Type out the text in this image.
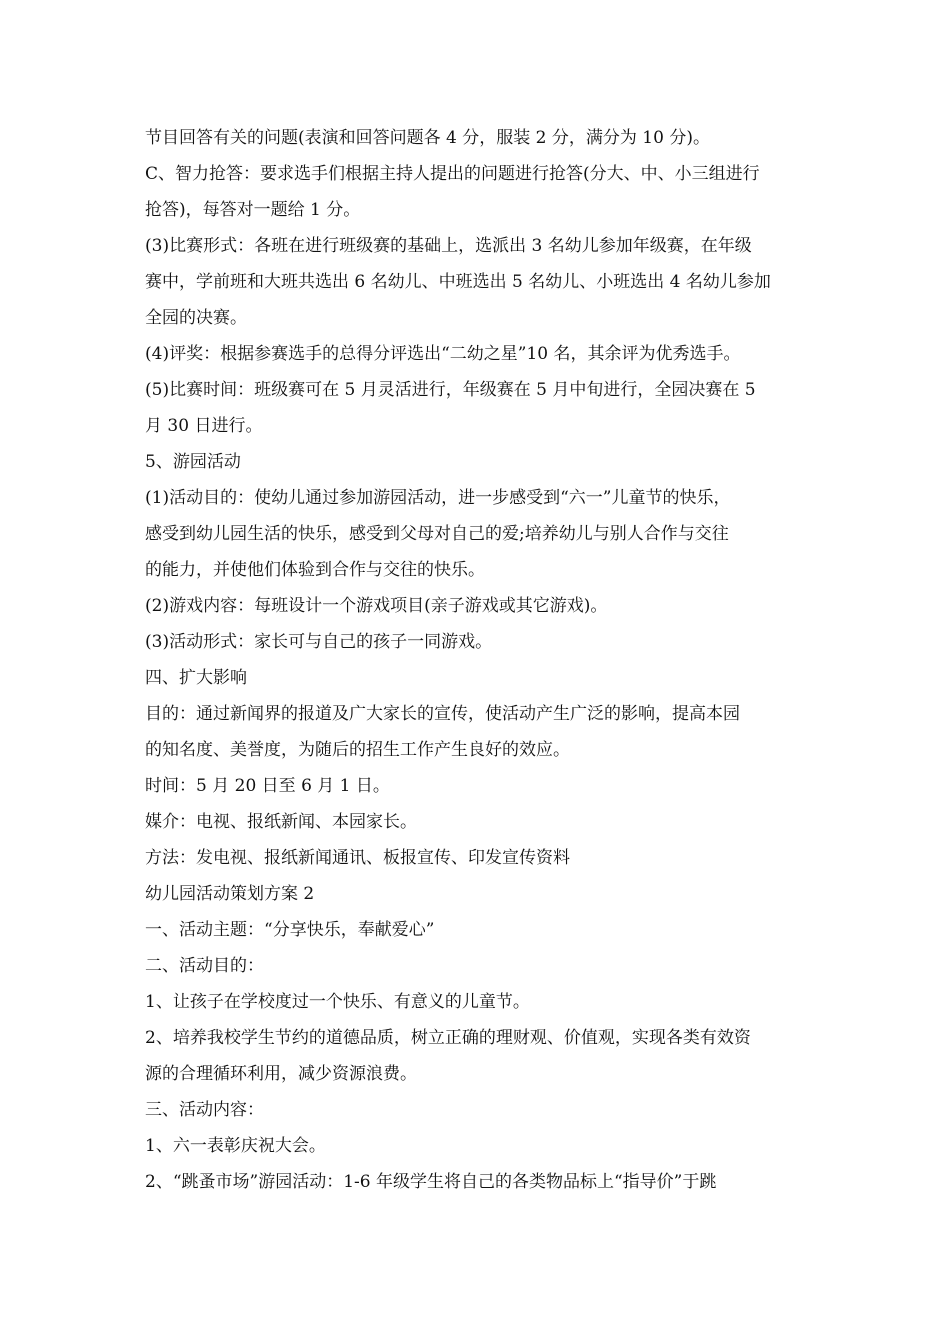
节目回答有关的问题(表演和回答问题各 4 分，服装 2 分，满分为 10 分)。
C、智力抢答：要求选手们根据主持人提出的问题进行抢答(分大、中、小三组进行
抢答)，每答对一题给 1 分。
(3)比赛形式：各班在进行班级赛的基础上，选派出 3 名幼儿参加年级赛，在年级
赛中，学前班和大班共选出 6 名幼儿、中班选出 5 名幼儿、小班选出 4 名幼儿参加
全园的决赛。
(4)评奖：根据参赛选手的总得分评选出“二幼之星”10 名，其余评为优秀选手。
(5)比赛时间：班级赛可在 5 月灵活进行，年级赛在 5 月中旬进行，全园决赛在 5
月 30 日进行。
5、游园活动
(1)活动目的：使幼儿通过参加游园活动，进一步感受到“六一”儿童节的快乐，
感受到幼儿园生活的快乐，感受到父母对自己的爱;培养幼儿与别人合作与交往
的能力，并使他们体验到合作与交往的快乐。
(2)游戏内容：每班设计一个游戏项目(亲子游戏或其它游戏)。
(3)活动形式：家长可与自己的孩子一同游戏。
四、扩大影响
目的：通过新闻界的报道及广大家长的宣传，使活动产生广泛的影响，提高本园
的知名度、美誉度，为随后的招生工作产生良好的效应。
时间：5 月 20 日至 6 月 1 日。
媒介：电视、报纸新闻、本园家长。
方法：发电视、报纸新闻通讯、板报宣传、印发宣传资料
幼儿园活动策划方案 2
一、活动主题：“分享快乐，奉献爱心”
二、活动目的：
1、让孩子在学校度过一个快乐、有意义的儿童节。
2、培养我校学生节约的道德品质，树立正确的理财观、价值观，实现各类有效资
源的合理循环利用，减少资源浪费。
三、活动内容：
1、六一表彰庆祝大会。
2、“跳蚤市场”游园活动：1-6 年级学生将自己的各类物品标上“指导价”于跳
